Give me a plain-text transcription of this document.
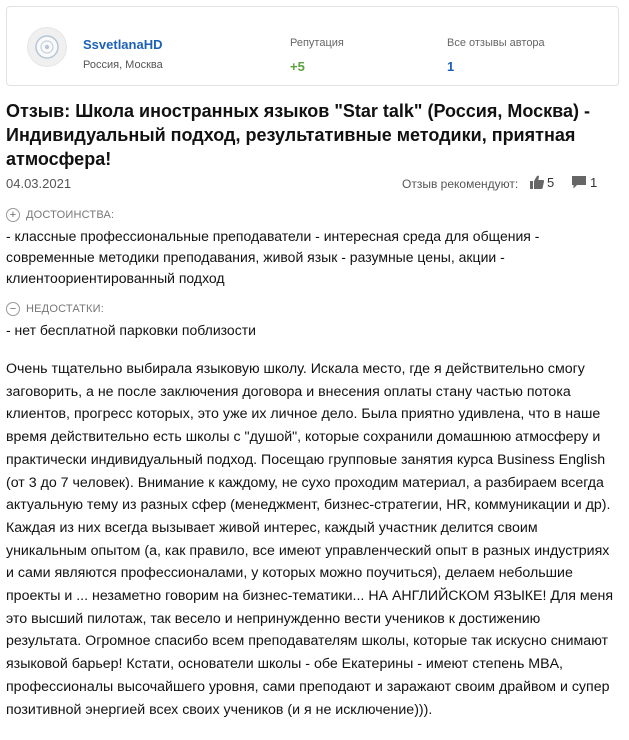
SsvetlanaHD
Россия, Москва
Репутация
+5
Все отзывы автора
1
Отзыв: Школа иностранных языков "Star talk" (Россия, Москва) - Индивидуальный подход, результативные методики, приятная атмосфера!
04.03.2021	Отзыв рекомендуют: 5	1
+ ДОСТОИНСТВА:
- классные профессиональные преподаватели - интересная среда для общения - современные методики преподавания, живой язык - разумные цены, акции - клиентоориентированный подход
− НЕДОСТАТКИ:
- нет бесплатной парковки поблизости
Очень тщательно выбирала языковую школу. Искала место, где я действительно смогу заговорить, а не после заключения договора и внесения оплаты стану частью потока клиентов, прогресс которых, это уже их личное дело. Была приятно удивлена, что в наше время действительно есть школы с "душой", которые сохранили домашнюю атмосферу и практически индивидуальный подход. Посещаю групповые занятия курса Business English (от 3 до 7 человек). Внимание к каждому, не сухо проходим материал, а разбираем всегда актуальную тему из разных сфер (менеджмент, бизнес-стратегии, HR, коммуникации и др). Каждая из них всегда вызывает живой интерес, каждый участник делится своим уникальным опытом (а, как правило, все имеют управленческий опыт в разных индустриях и сами являются профессионалами, у которых можно поучиться), делаем небольшие проекты и ... незаметно говорим на бизнес-тематики... НА АНГЛИЙСКОМ ЯЗЫКЕ! Для меня это высший пилотаж, так весело и непринужденно вести учеников к достижению результата. Огромное спасибо всем преподавателям школы, которые так искусно снимают языковой барьер! Кстати, основатели школы - обе Екатерины - имеют степень MBA, профессионалы высочайшего уровня, сами преподают и заражают своим драйвом и супер позитивной энергией всех своих учеников (и я не исключение))).
